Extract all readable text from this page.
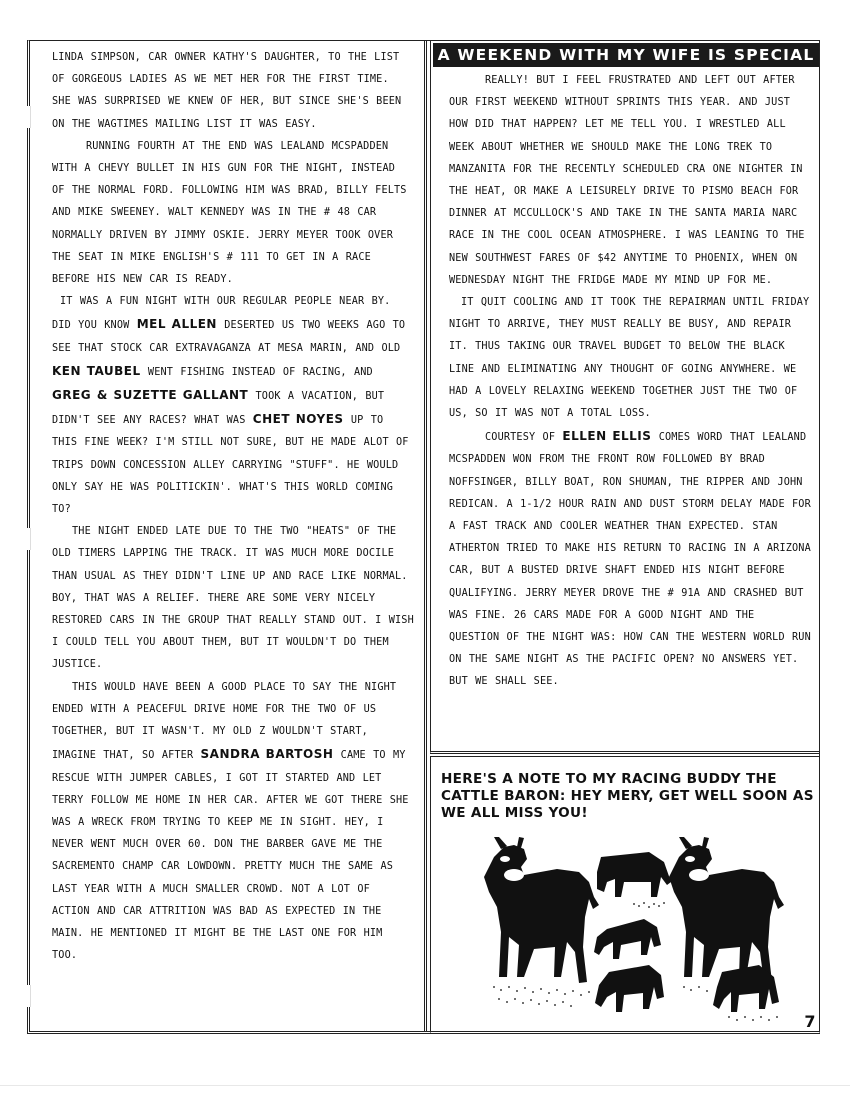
LINDA SIMPSON, CAR OWNER KATHY'S DAUGHTER, TO THE LIST OF GORGEOUS LADIES AS WE MET HER FOR THE FIRST TIME. SHE WAS SURPRISED WE KNEW OF HER, BUT SINCE SHE'S BEEN ON THE WAGTIMES MAILING LIST IT WAS EASY.

RUNNING FOURTH AT THE END WAS LEALAND MCSPADDEN WITH A CHEVY BULLET IN HIS GUN FOR THE NIGHT, INSTEAD OF THE NORMAL FORD. FOLLOWING HIM WAS BRAD, BILLY FELTS AND MIKE SWEENEY. WALT KENNEDY WAS IN THE # 48 CAR NORMALLY DRIVEN BY JIMMY OSKIE. JERRY MEYER TOOK OVER THE SEAT IN MIKE ENGLISH'S # 111 TO GET IN A RACE BEFORE HIS NEW CAR IS READY.

IT WAS A FUN NIGHT WITH OUR REGULAR PEOPLE NEAR BY. DID YOU KNOW MEL ALLEN DESERTED US TWO WEEKS AGO TO SEE THAT STOCK CAR EXTRAVAGANZA AT MESA MARIN, AND OLD KEN TAUBEL WENT FISHING INSTEAD OF RACING, AND GREG & SUZETTE GALLANT TOOK A VACATION, BUT DIDN'T SEE ANY RACES? WHAT WAS CHET NOYES UP TO THIS FINE WEEK? I'M STILL NOT SURE, BUT HE MADE ALOT OF TRIPS DOWN CONCESSION ALLEY CARRYING "STUFF". HE WOULD ONLY SAY HE WAS POLITICKIN'. WHAT'S THIS WORLD COMING TO?

THE NIGHT ENDED LATE DUE TO THE TWO "HEATS" OF THE OLD TIMERS LAPPING THE TRACK. IT WAS MUCH MORE DOCILE THAN USUAL AS THEY DIDN'T LINE UP AND RACE LIKE NORMAL. BOY, THAT WAS A RELIEF. THERE ARE SOME VERY NICELY RESTORED CARS IN THE GROUP THAT REALLY STAND OUT. I WISH I COULD TELL YOU ABOUT THEM, BUT IT WOULDN'T DO THEM JUSTICE.

THIS WOULD HAVE BEEN A GOOD PLACE TO SAY THE NIGHT ENDED WITH A PEACEFUL DRIVE HOME FOR THE TWO OF US TOGETHER, BUT IT WASN'T. MY OLD Z WOULDN'T START, IMAGINE THAT, SO AFTER SANDRA BARTOSH CAME TO MY RESCUE WITH JUMPER CABLES, I GOT IT STARTED AND LET TERRY FOLLOW ME HOME IN HER CAR. AFTER WE GOT THERE SHE WAS A WRECK FROM TRYING TO KEEP ME IN SIGHT. HEY, I NEVER WENT MUCH OVER 60. DON THE BARBER GAVE ME THE SACREMENTO CHAMP CAR LOWDOWN. PRETTY MUCH THE SAME AS LAST YEAR WITH A MUCH SMALLER CROWD. NOT A LOT OF ACTION AND CAR ATTRITION WAS BAD AS EXPECTED IN THE MAIN. HE MENTIONED IT MIGHT BE THE LAST ONE FOR HIM TOO.

A WEEKEND WITH MY WIFE IS SPECIAL

REALLY! BUT I FEEL FRUSTRATED AND LEFT OUT AFTER OUR FIRST WEEKEND WITHOUT SPRINTS THIS YEAR. AND JUST HOW DID THAT HAPPEN? LET ME TELL YOU. I WRESTLED ALL WEEK ABOUT WHETHER WE SHOULD MAKE THE LONG TREK TO MANZANITA FOR THE RECENTLY SCHEDULED CRA ONE NIGHTER IN THE HEAT, OR MAKE A LEISURELY DRIVE TO PISMO BEACH FOR DINNER AT MCCULLOCK'S AND TAKE IN THE SANTA MARIA NARC RACE IN THE COOL OCEAN ATMOSPHERE. I WAS LEANING TO THE NEW SOUTHWEST FARES OF $42 ANYTIME TO PHOENIX, WHEN ON WEDNESDAY NIGHT THE FRIDGE MADE MY MIND UP FOR ME.

IT QUIT COOLING AND IT TOOK THE REPAIRMAN UNTIL FRIDAY NIGHT TO ARRIVE, THEY MUST REALLY BE BUSY, AND REPAIR IT. THUS TAKING OUR TRAVEL BUDGET TO BELOW THE BLACK LINE AND ELIMINATING ANY THOUGHT OF GOING ANYWHERE. WE HAD A LOVELY RELAXING WEEKEND TOGETHER JUST THE TWO OF US, SO IT WAS NOT A TOTAL LOSS.

COURTESY OF ELLEN ELLIS COMES WORD THAT LEALAND MCSPADDEN WON FROM THE FRONT ROW FOLLOWED BY BRAD NOFFSINGER, BILLY BOAT, RON SHUMAN, THE RIPPER AND JOHN REDICAN. A 1-1/2 HOUR RAIN AND DUST STORM DELAY MADE FOR A FAST TRACK AND COOLER WEATHER THAN EXPECTED. STAN ATHERTON TRIED TO MAKE HIS RETURN TO RACING IN A ARIZONA CAR, BUT A BUSTED DRIVE SHAFT ENDED HIS NIGHT BEFORE QUALIFYING. JERRY MEYER DROVE THE # 91A AND CRASHED BUT WAS FINE. 26 CARS MADE FOR A GOOD NIGHT AND THE QUESTION OF THE NIGHT WAS: HOW CAN THE WESTERN WORLD RUN ON THE SAME NIGHT AS THE PACIFIC OPEN? NO ANSWERS YET. BUT WE SHALL SEE.

HERE'S A NOTE TO MY RACING BUDDY THE CATTLE BARON: HEY MERY, GET WELL SOON AS WE ALL MISS YOU!

7
